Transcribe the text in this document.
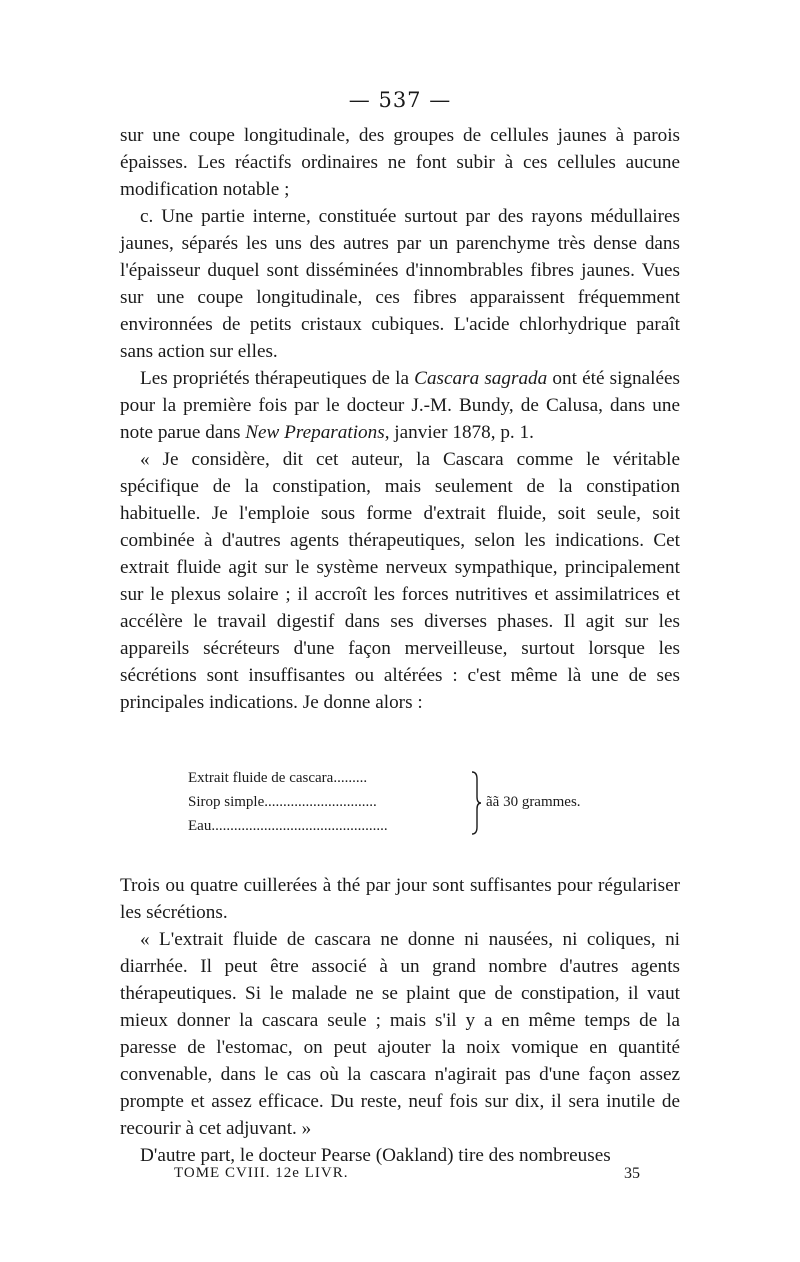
— 537 —

sur une coupe longitudinale, des groupes de cellules jaunes à parois épaisses. Les réactifs ordinaires ne font subir à ces cellules aucune modification notable ;

c. Une partie interne, constituée surtout par des rayons médullaires jaunes, séparés les uns des autres par un parenchyme très dense dans l'épaisseur duquel sont disséminées d'innombrables fibres jaunes. Vues sur une coupe longitudinale, ces fibres apparaissent fréquemment environnées de petits cristaux cubiques. L'acide chlorhydrique paraît sans action sur elles.

Les propriétés thérapeutiques de la Cascara sagrada ont été signalées pour la première fois par le docteur J.-M. Bundy, de Calusa, dans une note parue dans New Preparations, janvier 1878, p. 1.

« Je considère, dit cet auteur, la Cascara comme le véritable spécifique de la constipation, mais seulement de la constipation habituelle. Je l'emploie sous forme d'extrait fluide, soit seule, soit combinée à d'autres agents thérapeutiques, selon les indications. Cet extrait fluide agit sur le système nerveux sympathique, principalement sur le plexus solaire ; il accroît les forces nutritives et assimilatrices et accélère le travail digestif dans ses diverses phases. Il agit sur les appareils sécréteurs d'une façon merveilleuse, surtout lorsque les sécrétions sont insuffisantes ou altérées : c'est même là une de ses principales indications. Je donne alors :

Extrait fluide de cascara.........
Sirop simple..............................
Eau...............................................
ãã 30 grammes.

Trois ou quatre cuillerées à thé par jour sont suffisantes pour régulariser les sécrétions.

« L'extrait fluide de cascara ne donne ni nausées, ni coliques, ni diarrhée. Il peut être associé à un grand nombre d'autres agents thérapeutiques. Si le malade ne se plaint que de constipation, il vaut mieux donner la cascara seule ; mais s'il y a en même temps de la paresse de l'estomac, on peut ajouter la noix vomique en quantité convenable, dans le cas où la cascara n'agirait pas d'une façon assez prompte et assez efficace. Du reste, neuf fois sur dix, il sera inutile de recourir à cet adjuvant. »

D'autre part, le docteur Pearse (Oakland) tire des nombreuses

TOME CVIII. 12e LIVR.	35
